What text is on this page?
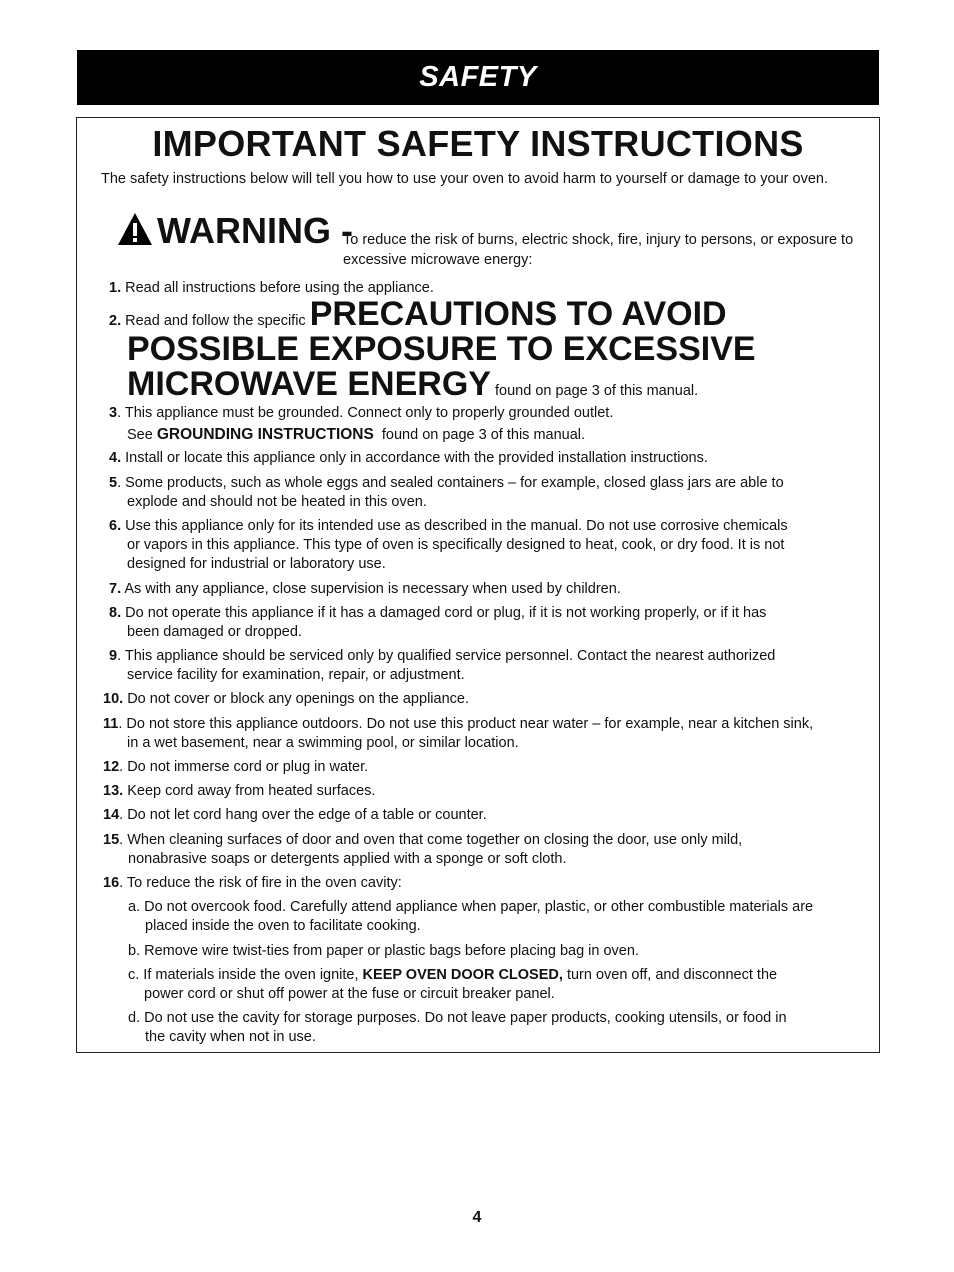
SAFETY
IMPORTANT SAFETY INSTRUCTIONS
The safety instructions below will tell you how to use your oven to avoid harm to yourself or damage to your oven.
WARNING -
To reduce the risk of burns, electric shock, fire, injury to persons, or exposure to excessive microwave energy:
1. Read all instructions before using the appliance.
2. Read and follow the specific PRECAUTIONS TO AVOID
POSSIBLE EXPOSURE TO EXCESSIVE
MICROWAVE ENERGY found on page 3 of this manual.
3. This appliance must be grounded. Connect only to properly grounded outlet.
See GROUNDING INSTRUCTIONS found on page 3 of this manual.
4. Install or locate this appliance only in accordance with the provided installation instructions.
5. Some products, such as whole eggs and sealed containers – for example, closed glass jars are able to
explode and should not be heated in this oven.
6. Use this appliance only for its intended use as described in the manual. Do not use corrosive chemicals
or vapors in this appliance. This type of oven is specifically designed to heat, cook, or dry food. It is not
designed for industrial or laboratory use.
7. As with any appliance, close supervision is necessary when used by children.
8. Do not operate this appliance if it has a damaged cord or plug, if it is not working properly, or if it has
been damaged or dropped.
9. This appliance should be serviced only by qualified service personnel. Contact the nearest authorized
service facility for examination, repair, or adjustment.
10. Do not cover or block any openings on the appliance.
11. Do not store this appliance outdoors. Do not use this product near water – for example, near a kitchen sink,
in a wet basement, near a swimming pool, or similar location.
12. Do not immerse cord or plug in water.
13. Keep cord away from heated surfaces.
14. Do not let cord hang over the edge of a table or counter.
15. When cleaning surfaces of door and oven that come together on closing the door, use only mild,
nonabrasive soaps or detergents applied with a sponge or soft cloth.
16. To reduce the risk of fire in the oven cavity:
a. Do not overcook food. Carefully attend appliance when paper, plastic, or other combustible materials are
placed inside the oven to facilitate cooking.
b. Remove wire twist-ties from paper or plastic bags before placing bag in oven.
c. If materials inside the oven ignite, KEEP OVEN DOOR CLOSED, turn oven off, and disconnect the
power cord or shut off power at the fuse or circuit breaker panel.
d. Do not use the cavity for storage purposes. Do not leave paper products, cooking utensils, or food in
the cavity when not in use.
4
